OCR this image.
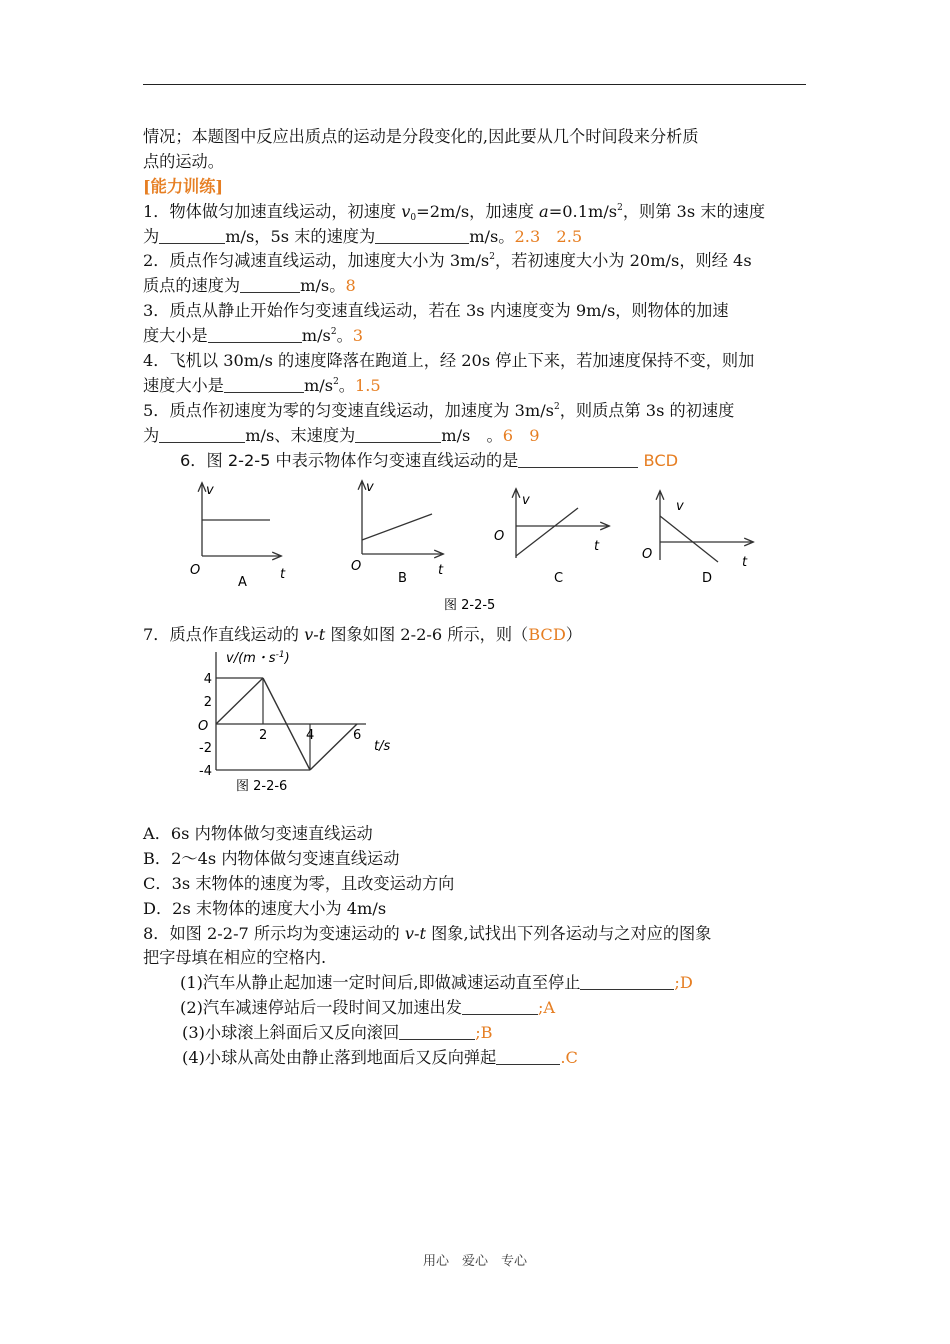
情况；本题图中反应出质点的运动是分段变化的,因此要从几个时间段来分析质
点的运动。
[能力训练]
1．物体做匀加速直线运动，初速度 $v_0=2m/s$，加速度 $a=0.1m/s^2$，则第 3s 末的速度
为	m/s，5s 末的速度为	m/s。2.3　2.5
2．质点作匀减速直线运动，加速度大小为 $3m/s^2$，若初速度大小为 20m/s，则经 4s
质点的速度为	m/s。8
3．质点从静止开始作匀变速直线运动，若在 3s 内速度变为 9m/s，则物体的加速
度大小是	$m/s^2$。3
4．飞机以 30m/s 的速度降落在跑道上，经 20s 停止下来，若加速度保持不变，则加
速度大小是	$m/s^2$。1.5
5．质点作初速度为零的匀变速直线运动，加速度为 $3m/s^2$，则质点第 3s 的初速度
为	m/s、末速度为	m/s　。6　9
6．图 2-2-5 中表示物体作匀变速直线运动的是	BCD
v
t
O
A
v
t
O
B
v
t
O
C
v
t
O
D
图 2-2-5
7．质点作直线运动的 v-t 图象如图 2-2-6 所示，则（BCD）
4
2
-2
-4
2	4	6
v/(m・$s^{-1}$)
t/s
O
图 2-2-6
A．6s 内物体做匀变速直线运动
B．2～4s 内物体做匀变速直线运动
C．3s 末物体的速度为零，且改变运动方向
D．2s 末物体的速度大小为 4m/s
8．如图 2-2-7 所示均为变速运动的 v-t 图象,试找出下列各运动与之对应的图象
把字母填在相应的空格内.
(1)汽车从静止起加速一定时间后,即做减速运动直至停止	;D
(2)汽车减速停站后一段时间又加速出发	;A
(3)小球滚上斜面后又反向滚回	;B
(4)小球从高处由静止落到地面后又反向弹起	.C
用心　爱心　专心
